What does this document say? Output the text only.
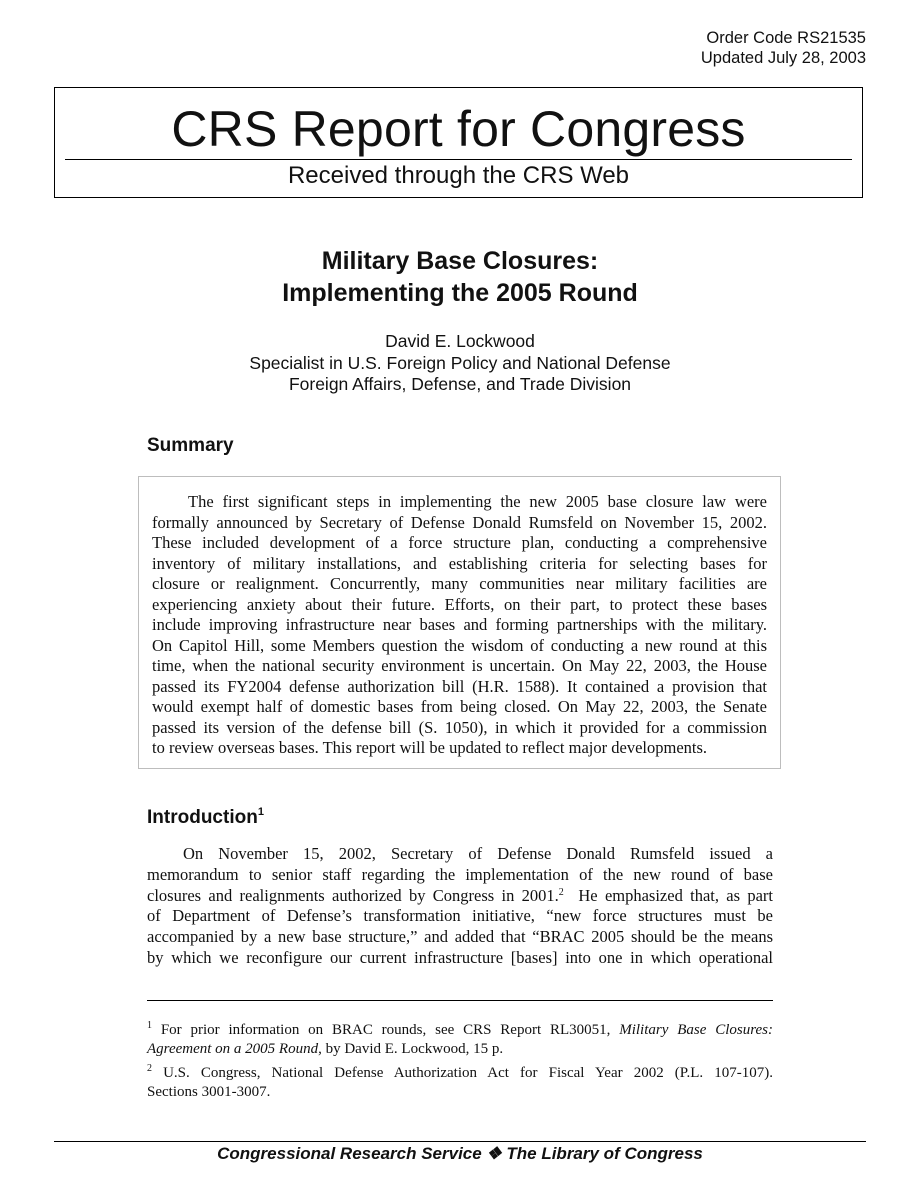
Order Code RS21535
Updated July 28, 2003
CRS Report for Congress
Received through the CRS Web
Military Base Closures:
Implementing the 2005 Round
David E. Lockwood
Specialist in U.S. Foreign Policy and National Defense
Foreign Affairs, Defense, and Trade Division
Summary
The first significant steps in implementing the new 2005 base closure law were
formally announced by Secretary of Defense Donald Rumsfeld on November 15, 2002.
These included development of a force structure plan, conducting a comprehensive
inventory of military installations, and establishing criteria for selecting bases for
closure or realignment. Concurrently, many communities near military facilities are
experiencing anxiety about their future. Efforts, on their part, to protect these bases
include improving infrastructure near bases and forming partnerships with the military.
On Capitol Hill, some Members question the wisdom of conducting a new round at this
time, when the national security environment is uncertain. On May 22, 2003, the House
passed its FY2004 defense authorization bill (H.R. 1588). It contained a provision that
would exempt half of domestic bases from being closed. On May 22, 2003, the Senate
passed its version of the defense bill (S. 1050), in which it provided for a commission
to review overseas bases. This report will be updated to reflect major developments.
Introduction$^1$
On November 15, 2002, Secretary of Defense Donald Rumsfeld issued a
memorandum to senior staff regarding the implementation of the new round of base
closures and realignments authorized by Congress in 2001.$^2$  He emphasized that, as part
of Department of Defense’s transformation initiative, “new force structures must be
accompanied by a new base structure,” and added that “BRAC 2005 should be the means
by which we reconfigure our current infrastructure [bases] into one in which operational
$^1$ For prior information on BRAC rounds, see CRS Report RL30051, Military Base Closures:
Agreement on a 2005 Round, by David E. Lockwood, 15 p.
$^2$ U.S. Congress, National Defense Authorization Act for Fiscal Year 2002 (P.L. 107-107).
Sections 3001-3007.
Congressional Research Service ❖ The Library of Congress
